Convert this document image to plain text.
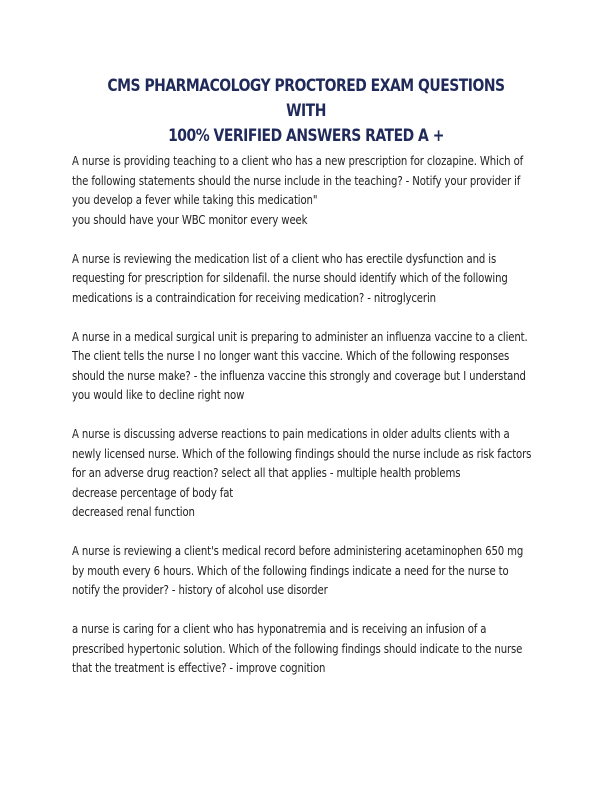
CMS PHARMACOLOGY PROCTORED EXAM QUESTIONS WITH
100% VERIFIED ANSWERS RATED A +
A nurse is providing teaching to a client who has a new prescription for clozapine. Which of
the following statements should the nurse include in the teaching? - Notify your provider if
you develop a fever while taking this medication"
you should have your WBC monitor every week
A nurse is reviewing the medication list of a client who has erectile dysfunction and is
requesting for prescription for sildenafil. the nurse should identify which of the following
medications is a contraindication for receiving medication? - nitroglycerin
A nurse in a medical surgical unit is preparing to administer an influenza vaccine to a client.
The client tells the nurse I no longer want this vaccine. Which of the following responses
should the nurse make? - the influenza vaccine this strongly and coverage but I understand
you would like to decline right now
A nurse is discussing adverse reactions to pain medications in older adults clients with a
newly licensed nurse. Which of the following findings should the nurse include as risk factors
for an adverse drug reaction? select all that applies - multiple health problems
decrease percentage of body fat
decreased renal function
A nurse is reviewing a client's medical record before administering acetaminophen 650 mg
by mouth every 6 hours. Which of the following findings indicate a need for the nurse to
notify the provider? - history of alcohol use disorder
a nurse is caring for a client who has hyponatremia and is receiving an infusion of a
prescribed hypertonic solution. Which of the following findings should indicate to the nurse
that the treatment is effective? - improve cognition
